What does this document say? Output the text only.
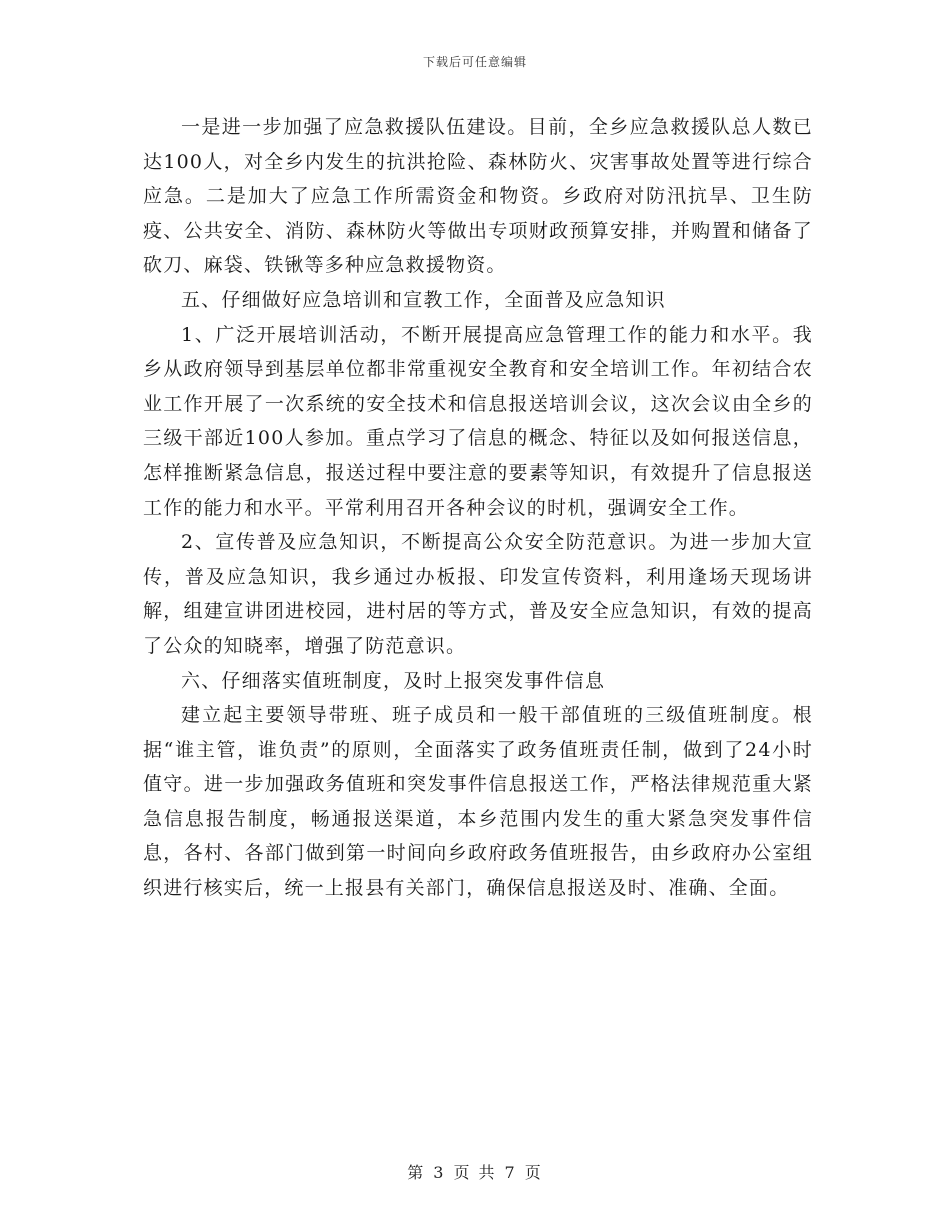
下载后可任意编辑

一是进一步加强了应急救援队伍建设。目前，全乡应急救援队总人数已达100人，对全乡内发生的抗洪抢险、森林防火、灾害事故处置等进行综合应急。二是加大了应急工作所需资金和物资。乡政府对防汛抗旱、卫生防疫、公共安全、消防、森林防火等做出专项财政预算安排，并购置和储备了砍刀、麻袋、铁锹等多种应急救援物资。

五、仔细做好应急培训和宣教工作，全面普及应急知识

1、广泛开展培训活动，不断开展提高应急管理工作的能力和水平。我乡从政府领导到基层单位都非常重视安全教育和安全培训工作。年初结合农业工作开展了一次系统的安全技术和信息报送培训会议，这次会议由全乡的三级干部近100人参加。重点学习了信息的概念、特征以及如何报送信息，怎样推断紧急信息，报送过程中要注意的要素等知识，有效提升了信息报送工作的能力和水平。平常利用召开各种会议的时机，强调安全工作。

2、宣传普及应急知识，不断提高公众安全防范意识。为进一步加大宣传，普及应急知识，我乡通过办板报、印发宣传资料，利用逢场天现场讲解，组建宣讲团进校园，进村居的等方式，普及安全应急知识，有效的提高了公众的知晓率，增强了防范意识。

六、仔细落实值班制度，及时上报突发事件信息

建立起主要领导带班、班子成员和一般干部值班的三级值班制度。根据“谁主管，谁负责”的原则，全面落实了政务值班责任制，做到了24小时值守。进一步加强政务值班和突发事件信息报送工作，严格法律规范重大紧急信息报告制度，畅通报送渠道，本乡范围内发生的重大紧急突发事件信息，各村、各部门做到第一时间向乡政府政务值班报告，由乡政府办公室组织进行核实后，统一上报县有关部门，确保信息报送及时、准确、全面。

第 3 页 共 7 页
